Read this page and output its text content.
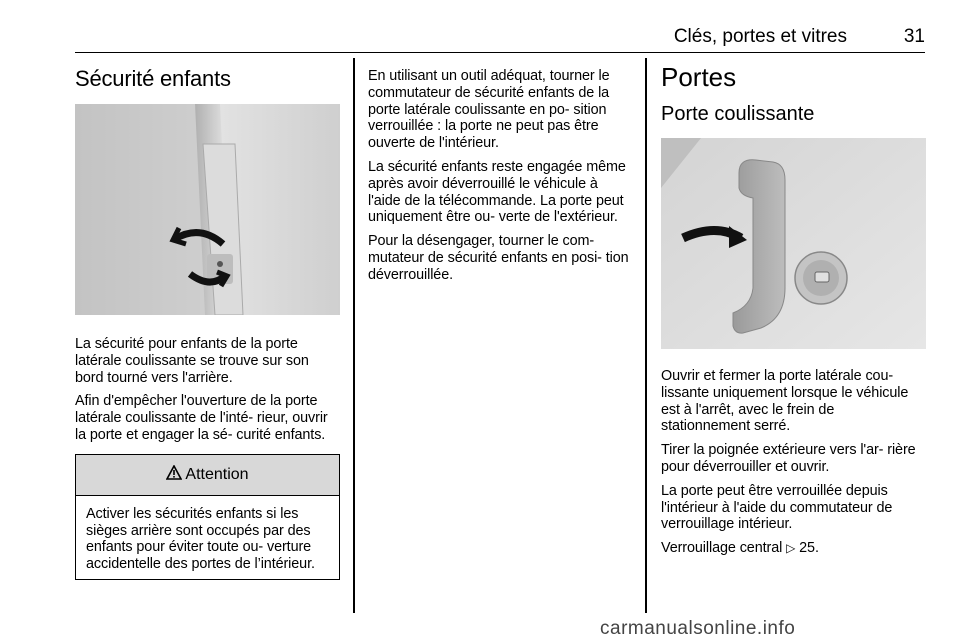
Clés, portes et vitres	31
Sécurité enfants

La sécurité pour enfants de la porte latérale coulissante se trouve sur son bord tourné vers l'arrière.

Afin d'empêcher l'ouverture de la porte latérale coulissante de l'inté- rieur, ouvrir la porte et engager la sé- curité enfants.

Attention

Activer les sécurités enfants si les sièges arrière sont occupés par des enfants pour éviter toute ou- verture accidentelle des portes de l’intérieur.

En utilisant un outil adéquat, tourner le commutateur de sécurité enfants de la porte latérale coulissante en po- sition verrouillée : la porte ne peut pas être ouverte de l'intérieur.

La sécurité enfants reste engagée même après avoir déverrouillé le véhicule à l'aide de la télécommande. La porte peut uniquement être ou- verte de l'extérieur.

Pour la désengager, tourner le com- mutateur de sécurité enfants en posi- tion déverrouillée.

Portes
Porte coulissante

Ouvrir et fermer la porte latérale cou- lissante uniquement lorsque le véhicule est à l'arrêt, avec le frein de stationnement serré.

Tirer la poignée extérieure vers l'ar- rière pour déverrouiller et ouvrir.

La porte peut être verrouillée depuis l'intérieur à l'aide du commutateur de verrouillage intérieur.

Verrouillage central ▷ 25.

carmanualsonline.info
